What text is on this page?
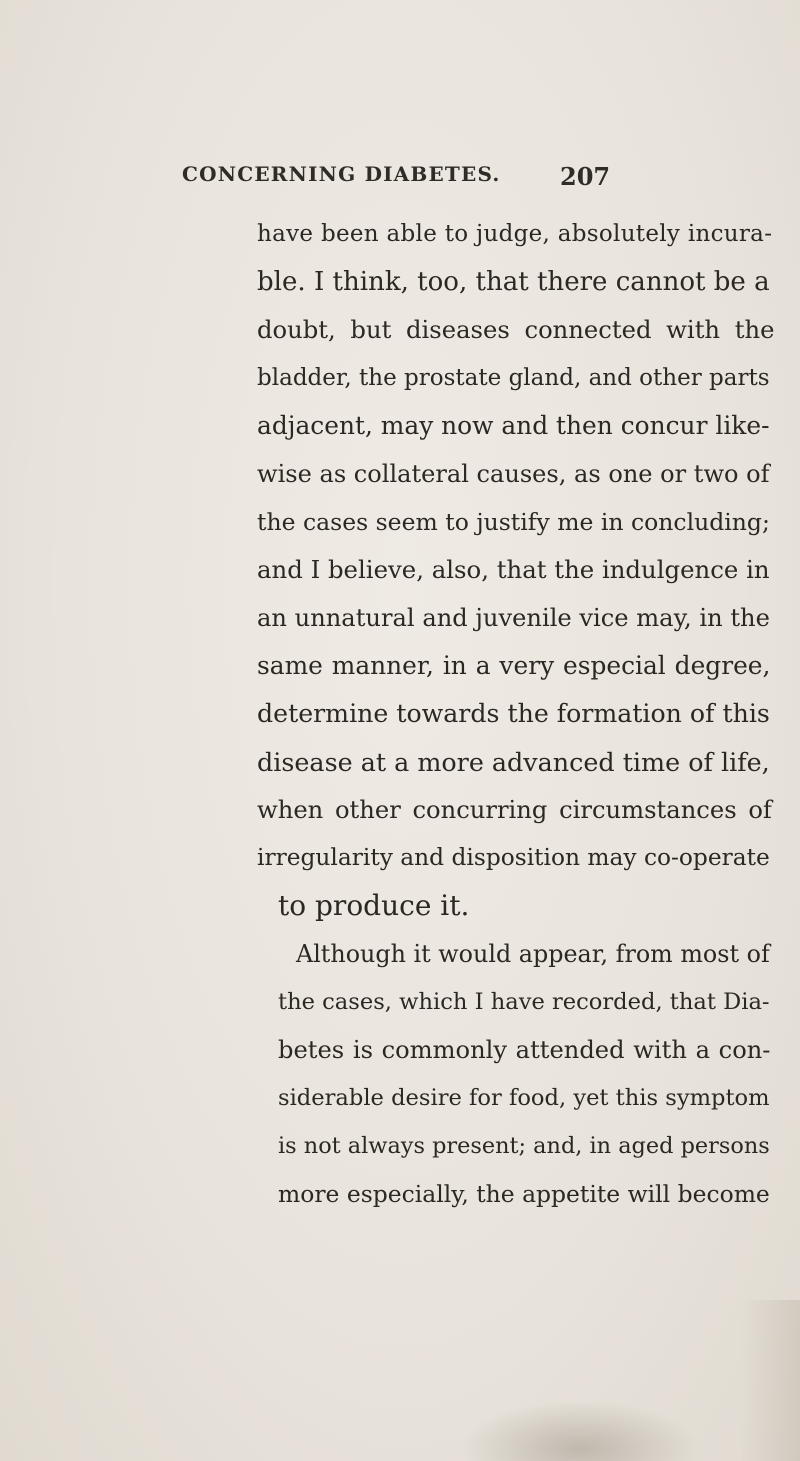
CONCERNING DIABETES. 207
have been able to judge, absolutely incura-
ble. I think, too, that there cannot be a
doubt, but diseases connected with the
bladder, the prostate gland, and other parts
adjacent, may now and then concur like-
wise as collateral causes, as one or two of
the cases seem to justify me in concluding;
and I believe, also, that the indulgence in
an unnatural and juvenile vice may, in the
same manner, in a very especial degree,
determine towards the formation of this
disease at a more advanced time of life,
when other concurring circumstances of
irregularity and disposition may co-operate
to produce it.
Although it would appear, from most of
the cases, which I have recorded, that Dia-
betes is commonly attended with a con-
siderable desire for food, yet this symptom
is not always present; and, in aged persons
more especially, the appetite will become
